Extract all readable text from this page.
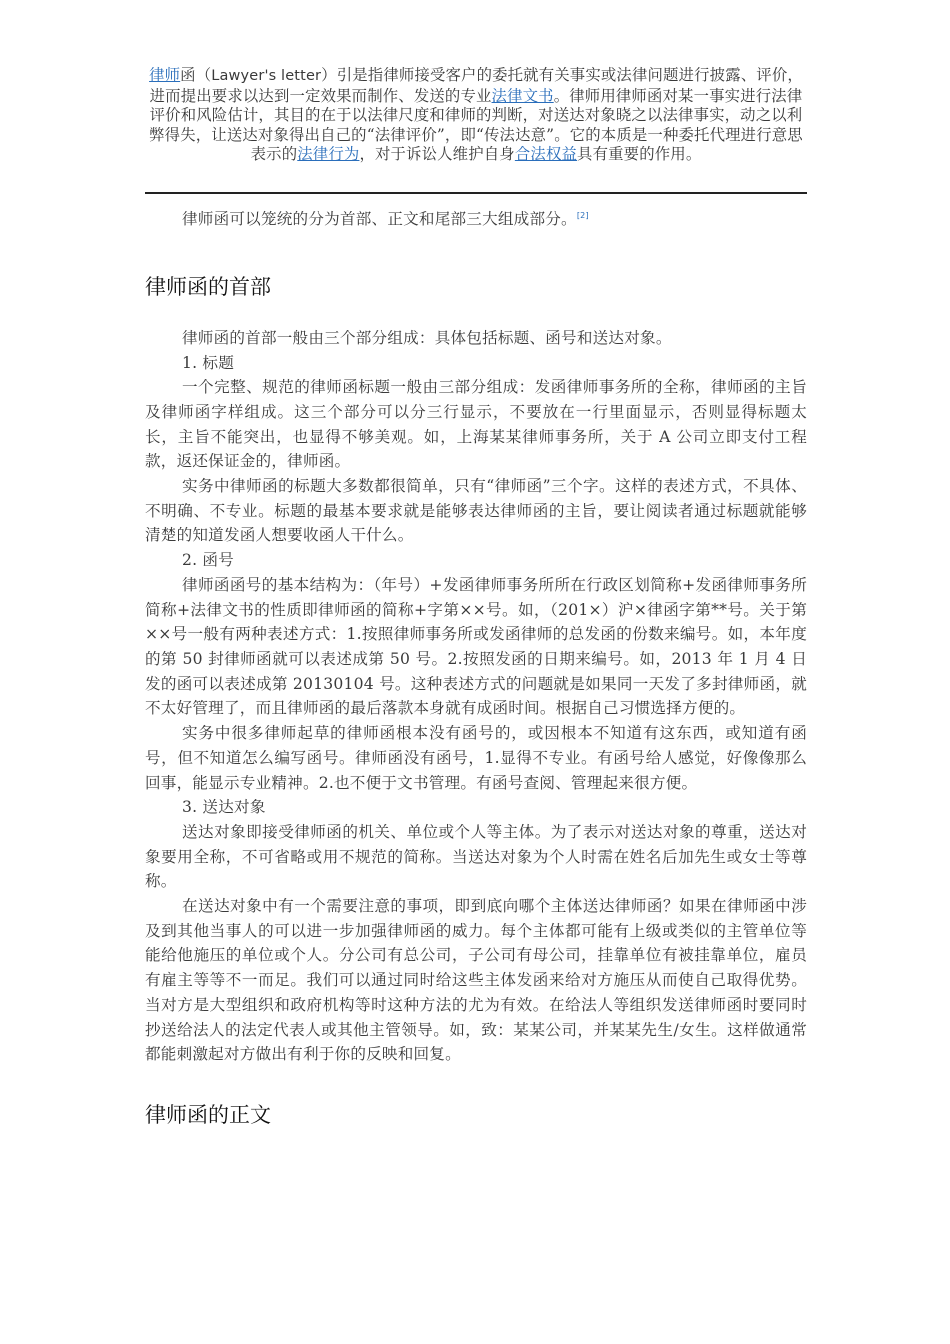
律师函（Lawyer's letter）引是指律师接受客户的委托就有关事实或法律问题进行披露、评价，进而提出要求以达到一定效果而制作、发送的专业法律文书。律师用律师函对某一事实进行法律评价和风险估计，其目的在于以法律尺度和律师的判断，对送达对象晓之以法律事实，动之以利弊得失，让送达对象得出自己的“法律评价”，即“传法达意”。它的本质是一种委托代理进行意思表示的法律行为，对于诉讼人维护自身合法权益具有重要的作用。

律师函可以笼统的分为首部、正文和尾部三大组成部分。[2]

律师函的首部

律师函的首部一般由三个部分组成：具体包括标题、函号和送达对象。

1. 标题

一个完整、规范的律师函标题一般由三部分组成：发函律师事务所的全称，律师函的主旨及律师函字样组成。这三个部分可以分三行显示，不要放在一行里面显示，否则显得标题太长，主旨不能突出，也显得不够美观。如，上海某某律师事务所，关于 A 公司立即支付工程款，返还保证金的，律师函。

实务中律师函的标题大多数都很简单，只有“律师函”三个字。这样的表述方式，不具体、不明确、不专业。标题的最基本要求就是能够表达律师函的主旨，要让阅读者通过标题就能够清楚的知道发函人想要收函人干什么。

2. 函号

律师函函号的基本结构为：（年号）+发函律师事务所所在行政区划简称+发函律师事务所简称+法律文书的性质即律师函的简称+字第××号。如，（201×）沪×律函字第**号。关于第××号一般有两种表述方式：1.按照律师事务所或发函律师的总发函的份数来编号。如，本年度的第 50 封律师函就可以表述成第 50 号。2.按照发函的日期来编号。如，2013 年 1 月 4 日发的函可以表述成第 20130104 号。这种表述方式的问题就是如果同一天发了多封律师函，就不太好管理了，而且律师函的最后落款本身就有成函时间。根据自己习惯选择方便的。

实务中很多律师起草的律师函根本没有函号的，或因根本不知道有这东西，或知道有函号，但不知道怎么编写函号。律师函没有函号，1.显得不专业。有函号给人感觉，好像像那么回事，能显示专业精神。2.也不便于文书管理。有函号查阅、管理起来很方便。

3. 送达对象

送达对象即接受律师函的机关、单位或个人等主体。为了表示对送达对象的尊重，送达对象要用全称，不可省略或用不规范的简称。当送达对象为个人时需在姓名后加先生或女士等尊称。

在送达对象中有一个需要注意的事项，即到底向哪个主体送达律师函？如果在律师函中涉及到其他当事人的可以进一步加强律师函的威力。每个主体都可能有上级或类似的主管单位等能给他施压的单位或个人。分公司有总公司，子公司有母公司，挂靠单位有被挂靠单位，雇员有雇主等等不一而足。我们可以通过同时给这些主体发函来给对方施压从而使自己取得优势。当对方是大型组织和政府机构等时这种方法的尤为有效。在给法人等组织发送律师函时要同时抄送给法人的法定代表人或其他主管领导。如，致：某某公司，并某某先生/女生。这样做通常都能刺激起对方做出有利于你的反映和回复。

律师函的正文
